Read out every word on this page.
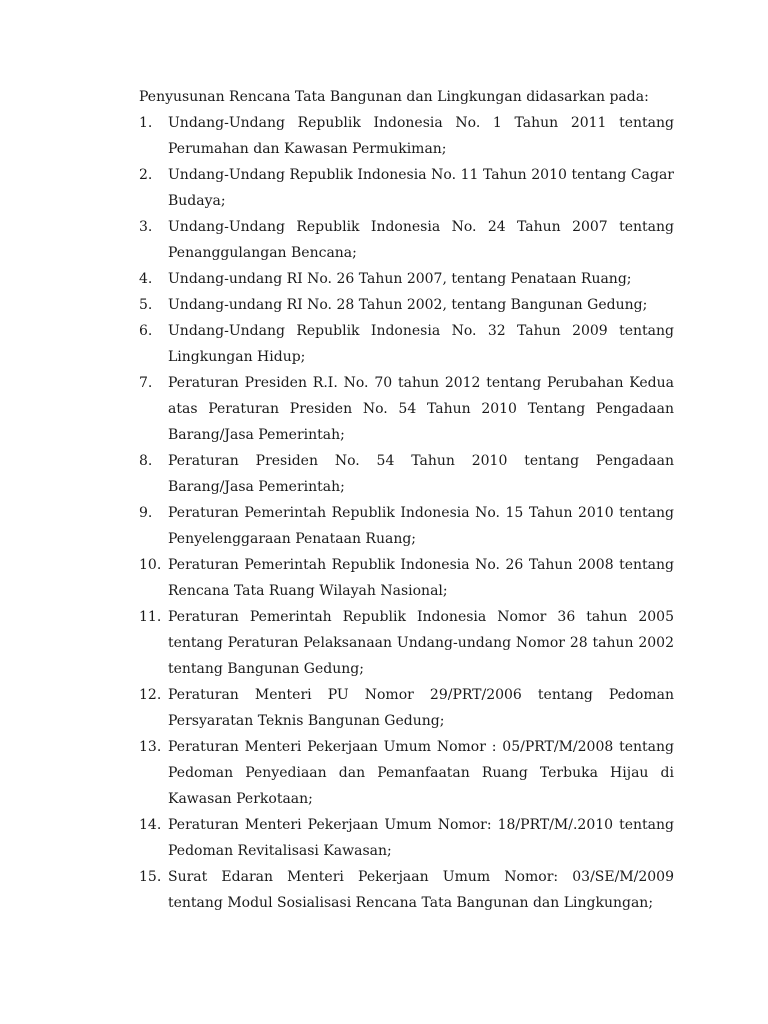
Penyusunan Rencana Tata Bangunan dan Lingkungan didasarkan pada:
1.	Undang-Undang Republik Indonesia No. 1 Tahun 2011 tentang Perumahan dan Kawasan Permukiman;
2.	Undang-Undang Republik Indonesia No. 11 Tahun 2010 tentang Cagar Budaya;
3.	Undang-Undang Republik Indonesia No. 24 Tahun 2007 tentang Penanggulangan Bencana;
4.	Undang-undang RI No. 26 Tahun 2007, tentang Penataan Ruang;
5.	Undang-undang RI No. 28 Tahun 2002, tentang Bangunan Gedung;
6.	Undang-Undang Republik Indonesia No. 32 Tahun 2009 tentang Lingkungan Hidup;
7.	Peraturan Presiden R.I. No. 70 tahun 2012 tentang Perubahan Kedua atas Peraturan Presiden No. 54 Tahun 2010 Tentang Pengadaan Barang/Jasa Pemerintah;
8.	Peraturan Presiden No. 54 Tahun 2010 tentang Pengadaan Barang/Jasa Pemerintah;
9.	Peraturan Pemerintah Republik Indonesia No. 15 Tahun 2010 tentang Penyelenggaraan Penataan Ruang;
10. Peraturan Pemerintah Republik Indonesia No. 26 Tahun 2008 tentang Rencana Tata Ruang Wilayah Nasional;
11. Peraturan Pemerintah Republik Indonesia Nomor 36 tahun 2005 tentang Peraturan Pelaksanaan Undang-undang Nomor 28 tahun 2002 tentang Bangunan Gedung;
12. Peraturan Menteri PU Nomor 29/PRT/2006 tentang Pedoman Persyaratan Teknis Bangunan Gedung;
13. Peraturan Menteri Pekerjaan Umum Nomor : 05/PRT/M/2008 tentang Pedoman Penyediaan dan Pemanfaatan Ruang Terbuka Hijau di Kawasan Perkotaan;
14. Peraturan Menteri Pekerjaan Umum Nomor: 18/PRT/M/.2010 tentang Pedoman Revitalisasi Kawasan;
15. Surat Edaran Menteri Pekerjaan Umum Nomor: 03/SE/M/2009 tentang Modul Sosialisasi Rencana Tata Bangunan dan Lingkungan;
